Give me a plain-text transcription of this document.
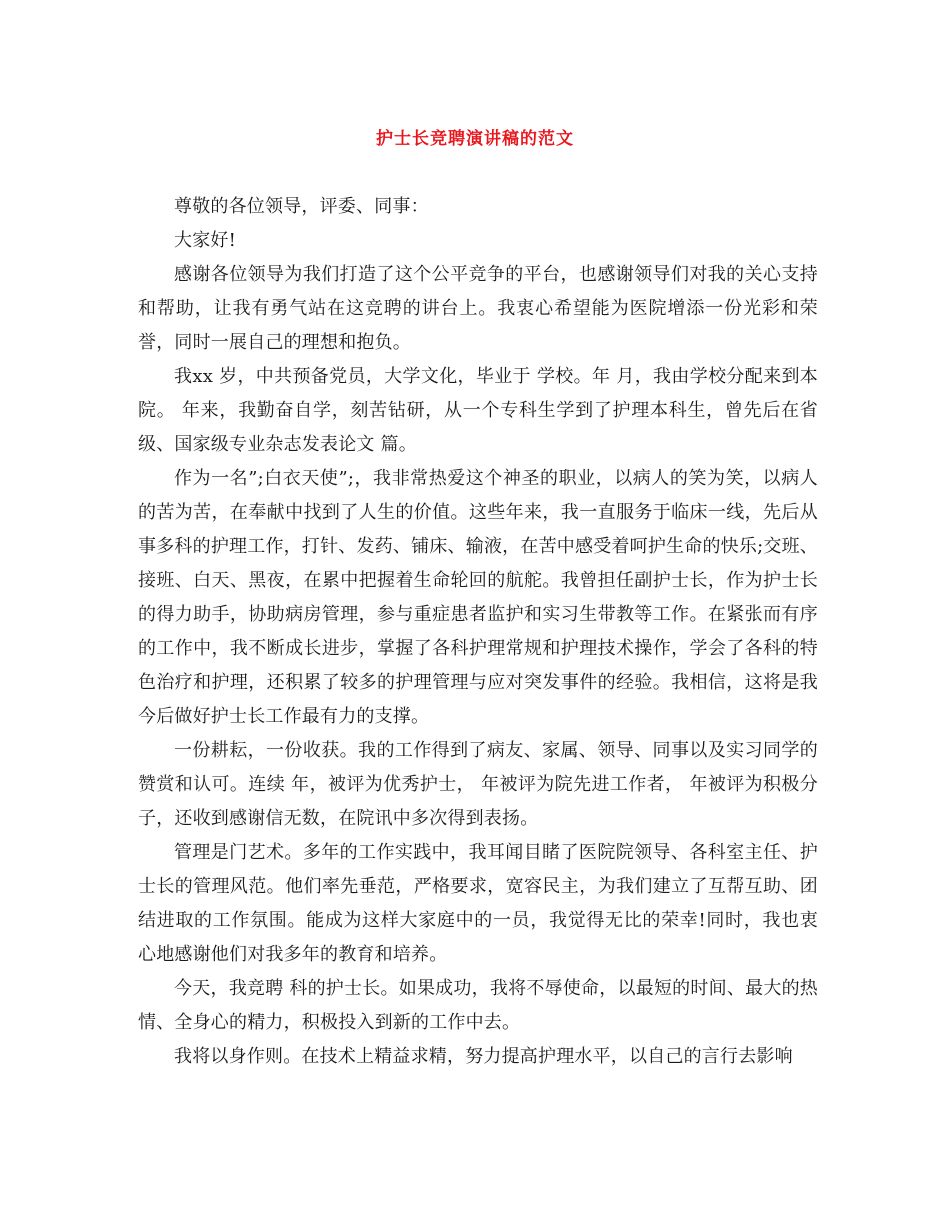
护士长竞聘演讲稿的范文

尊敬的各位领导，评委、同事：

大家好!

感谢各位领导为我们打造了这个公平竞争的平台，也感谢领导们对我的关心支持和帮助，让我有勇气站在这竞聘的讲台上。我衷心希望能为医院增添一份光彩和荣誉，同时一展自己的理想和抱负。

我xx 岁，中共预备党员，大学文化，毕业于 学校。年 月，我由学校分配来到本院。 年来，我勤奋自学，刻苦钻研，从一个专科生学到了护理本科生，曾先后在省级、国家级专业杂志发表论文 篇。

作为一名”;白衣天使”;，我非常热爱这个神圣的职业，以病人的笑为笑，以病人的苦为苦，在奉献中找到了人生的价值。这些年来，我一直服务于临床一线，先后从事多科的护理工作，打针、发药、铺床、输液，在苦中感受着呵护生命的快乐;交班、接班、白天、黑夜，在累中把握着生命轮回的航舵。我曾担任副护士长，作为护士长的得力助手，协助病房管理，参与重症患者监护和实习生带教等工作。在紧张而有序的工作中，我不断成长进步，掌握了各科护理常规和护理技术操作，学会了各科的特色治疗和护理，还积累了较多的护理管理与应对突发事件的经验。我相信，这将是我今后做好护士长工作最有力的支撑。

一份耕耘，一份收获。我的工作得到了病友、家属、领导、同事以及实习同学的赞赏和认可。连续 年，被评为优秀护士， 年被评为院先进工作者， 年被评为积极分子，还收到感谢信无数，在院讯中多次得到表扬。

管理是门艺术。多年的工作实践中，我耳闻目睹了医院院领导、各科室主任、护士长的管理风范。他们率先垂范，严格要求，宽容民主，为我们建立了互帮互助、团结进取的工作氛围。能成为这样大家庭中的一员，我觉得无比的荣幸!同时，我也衷心地感谢他们对我多年的教育和培养。

今天，我竞聘 科的护士长。如果成功，我将不辱使命，以最短的时间、最大的热情、全身心的精力，积极投入到新的工作中去。

我将以身作则。在技术上精益求精，努力提高护理水平，以自己的言行去影响
